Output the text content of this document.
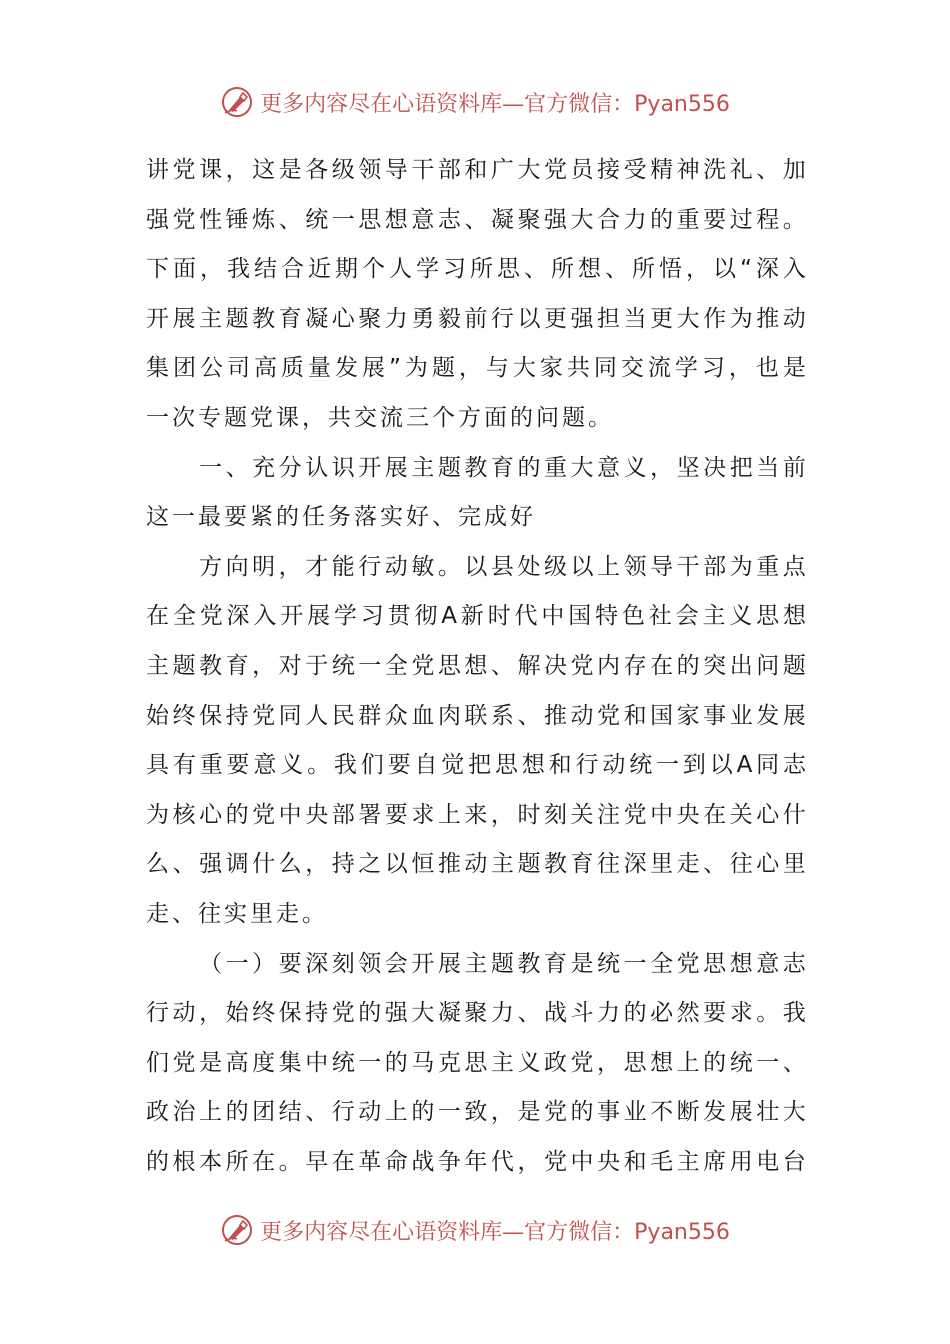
更多内容尽在心语资料库—官方微信：Pyan556
讲 党 课 ， 这 是 各 级 领 导 干 部 和 广 大 党 员 接 受 精 神 洗 礼 、 加
强 党 性 锤 炼 、 统 一 思 想 意 志 、 凝 聚 强 大 合 力 的 重 要 过 程 。
下 面 ， 我 结 合 近 期 个 人 学 习 所 思 、 所 想 、 所 悟 ， 以 “ 深 入
开 展 主 题 教 育 凝 心 聚 力 勇 毅 前 行 以 更 强 担 当 更 大 作 为 推 动
集 团 公 司 高 质 量 发 展 ” 为 题 ， 与 大 家 共 同 交 流 学 习 ， 也 是
一次专题党课，共交流三个方面的问题。

一 、 充 分 认 识 开 展 主 题 教 育 的 重 大 意 义 ， 坚 决 把 当 前
这一最要紧的任务落实好、完成好

方 向 明 ， 才 能 行 动 敏 。 以 县 处 级 以 上 领 导 干 部 为 重 点
在 全 党 深 入 开 展 学 习 贯 彻 A 新 时 代 中 国 特 色 社 会 主 义 思 想
主 题 教 育 ， 对 于 统 一 全 党 思 想 、 解 决 党 内 存 在 的 突 出 问 题
始 终 保 持 党 同 人 民 群 众 血 肉 联 系 、 推 动 党 和 国 家 事 业 发 展
具 有 重 要 意 义 。 我 们 要 自 觉 把 思 想 和 行 动 统 一 到 以 A 同 志
为 核 心 的 党 中 央 部 署 要 求 上 来 ， 时 刻 关 注 党 中 央 在 关 心 什
么 、 强 调 什 么 ， 持 之 以 恒 推 动 主 题 教 育 往 深 里 走 、 往 心 里
走、往实里走。

（ 一 ） 要 深 刻 领 会 开 展 主 题 教 育 是 统 一 全 党 思 想 意 志
行 动 ， 始 终 保 持 党 的 强 大 凝 聚 力 、 战 斗 力 的 必 然 要 求 。 我
们 党 是 高 度 集 中 统 一 的 马 克 思 主 义 政 党 ， 思 想 上 的 统 一 、
政 治 上 的 团 结 、 行 动 上 的 一 致 ， 是 党 的 事 业 不 断 发 展 壮 大
的 根 本 所 在 。 早 在 革 命 战 争 年 代 ， 党 中 央 和 毛 主 席 用 电 台
更多内容尽在心语资料库—官方微信：Pyan556
